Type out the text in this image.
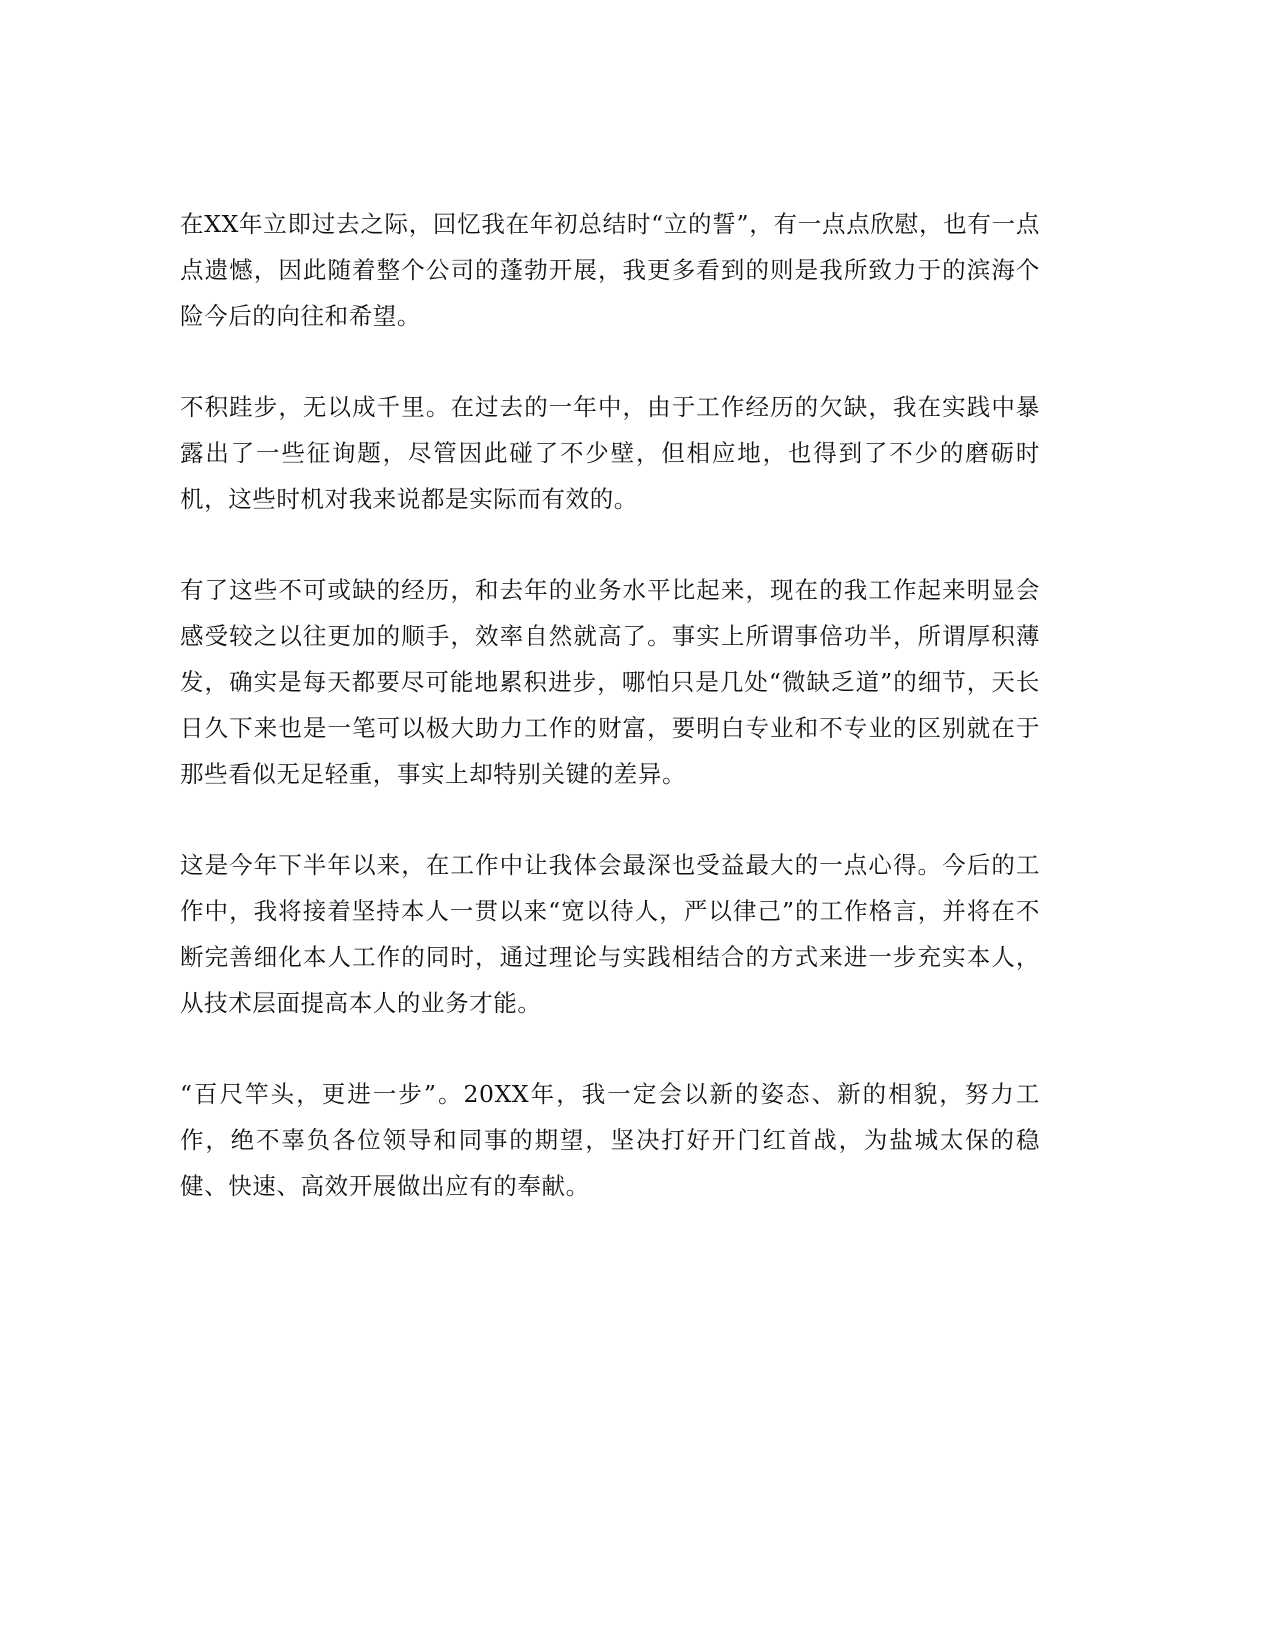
在XX年立即过去之际，回忆我在年初总结时“立的誓”，有一点点欣慰，也有一点点遗憾，因此随着整个公司的蓬勃开展，我更多看到的则是我所致力于的滨海个险今后的向往和希望。

不积跬步，无以成千里。在过去的一年中，由于工作经历的欠缺，我在实践中暴露出了一些征询题，尽管因此碰了不少壁，但相应地，也得到了不少的磨砺时机，这些时机对我来说都是实际而有效的。

有了这些不可或缺的经历，和去年的业务水平比起来，现在的我工作起来明显会感受较之以往更加的顺手，效率自然就高了。事实上所谓事倍功半，所谓厚积薄发，确实是每天都要尽可能地累积进步，哪怕只是几处“微缺乏道”的细节，天长日久下来也是一笔可以极大助力工作的财富，要明白专业和不专业的区别就在于那些看似无足轻重，事实上却特别关键的差异。

这是今年下半年以来，在工作中让我体会最深也受益最大的一点心得。今后的工作中，我将接着坚持本人一贯以来“宽以待人，严以律己”的工作格言，并将在不断完善细化本人工作的同时，通过理论与实践相结合的方式来进一步充实本人，从技术层面提高本人的业务才能。

“百尺竿头，更进一步”。20XX年，我一定会以新的姿态、新的相貌，努力工作，绝不辜负各位领导和同事的期望，坚决打好开门红首战，为盐城太保的稳健、快速、高效开展做出应有的奉献。
